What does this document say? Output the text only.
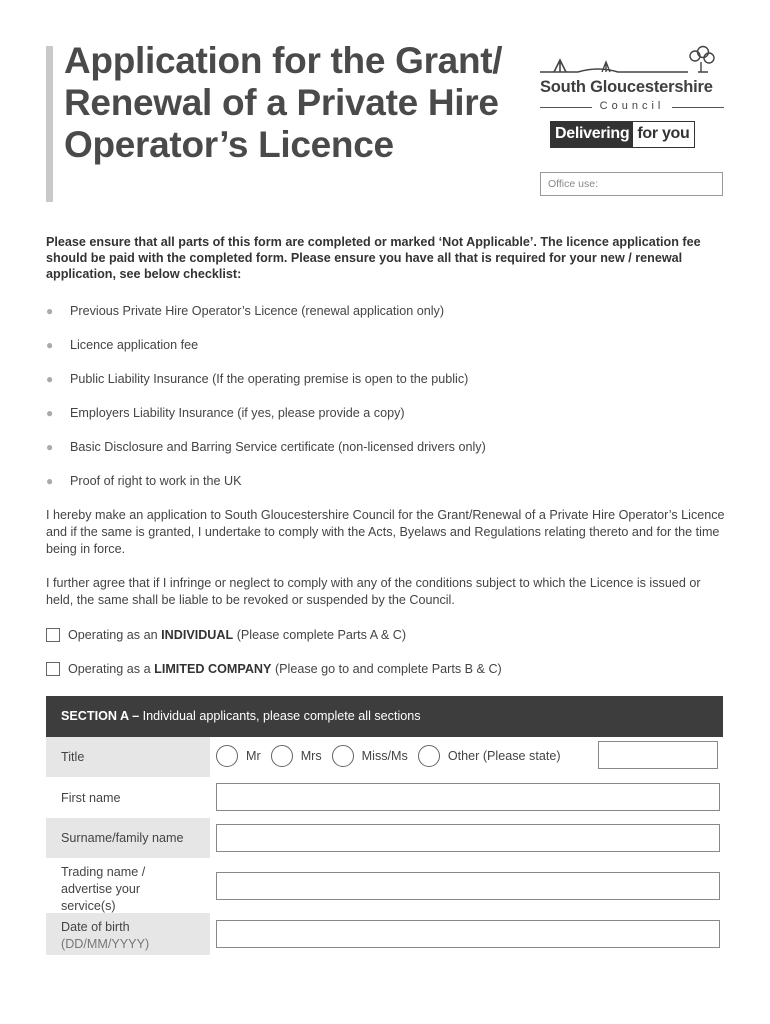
Application for the Grant/ Renewal of a Private Hire Operator’s Licence
South Gloucestershire
Council
Delivering for you
Office use:

Please ensure that all parts of this form are completed or marked ‘Not Applicable’. The licence application fee should be paid with the completed form. Please ensure you have all that is required for your new / renewal application, see below checklist:

● Previous Private Hire Operator’s Licence (renewal application only)
● Licence application fee
● Public Liability Insurance (If the operating premise is open to the public)
● Employers Liability Insurance (if yes, please provide a copy)
● Basic Disclosure and Barring Service certificate (non-licensed drivers only)
● Proof of right to work in the UK

I hereby make an application to South Gloucestershire Council for the Grant/Renewal of a Private Hire Operator’s Licence and if the same is granted, I undertake to comply with the Acts, Byelaws and Regulations relating thereto and for the time being in force.

I further agree that if I infringe or neglect to comply with any of the conditions subject to which the Licence is issued or held, the same shall be liable to be revoked or suspended by the Council.

Operating as an
INDIVIDUAL
(Please complete Parts A & C)
Operating as a
LIMITED COMPANY
(Please go to and complete Parts B & C)
SECTION A – Individual applicants, please complete all sections
Title	Mr	Mrs	Miss/Ms	Other (Please state)
First name
Surname/family name
Trading name / advertise your service(s)
Date of birth
(DD/MM/YYYY)
